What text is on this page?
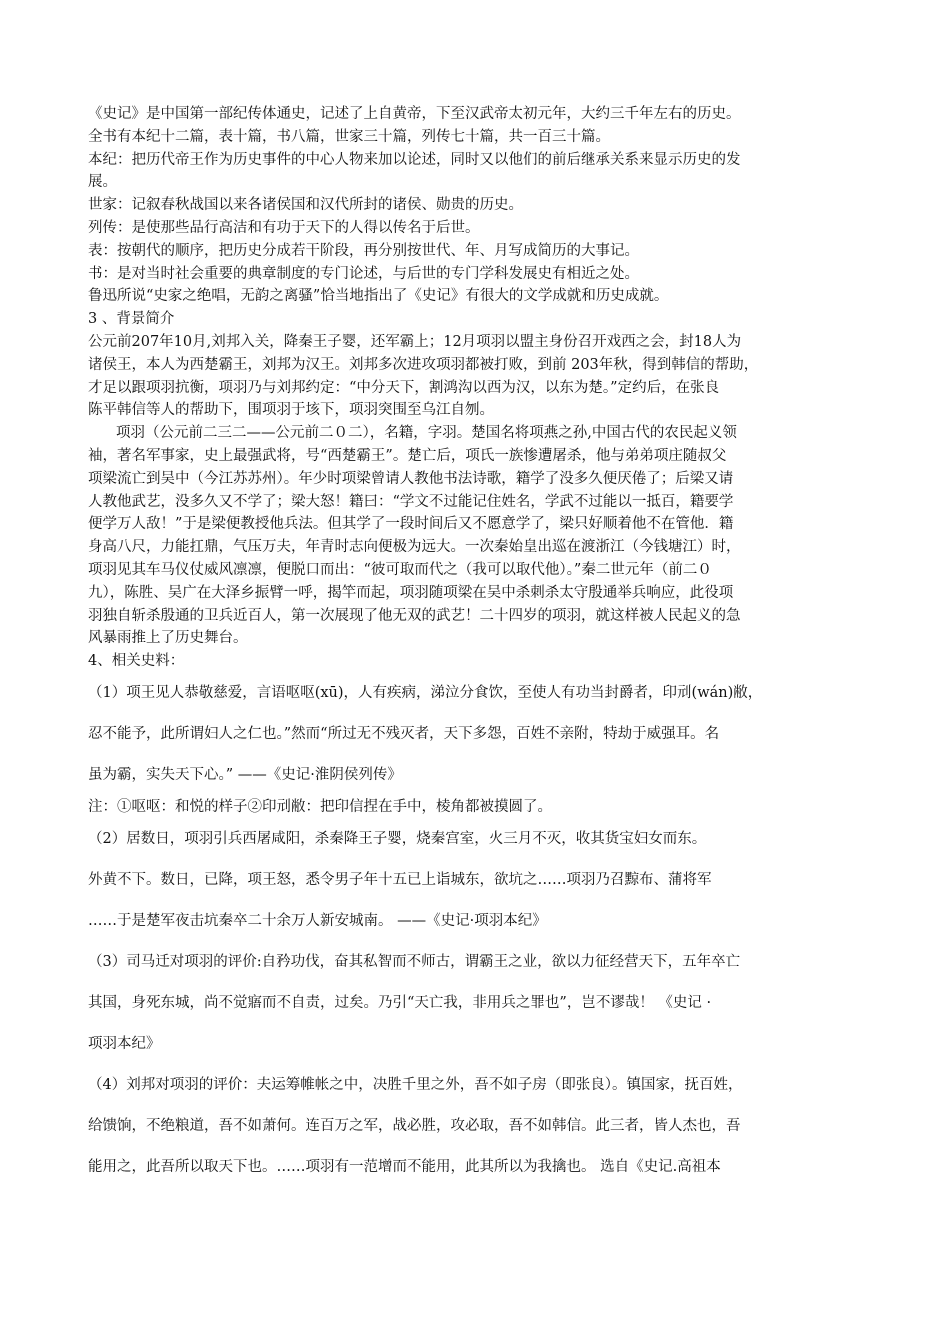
《史记》是中国第一部纪传体通史，记述了上自黄帝，下至汉武帝太初元年，大约三千年左右的历史。
全书有本纪十二篇，表十篇，书八篇，世家三十篇，列传七十篇，共一百三十篇。
本纪：把历代帝王作为历史事件的中心人物来加以论述，同时又以他们的前后继承关系来显示历史的发
展。
世家：记叙春秋战国以来各诸侯国和汉代所封的诸侯、勋贵的历史。
列传：是使那些品行高洁和有功于天下的人得以传名于后世。
表：按朝代的顺序，把历史分成若干阶段，再分别按世代、年、月写成简历的大事记。
书：是对当时社会重要的典章制度的专门论述，与后世的专门学科发展史有相近之处。
鲁迅所说“史家之绝唱，无韵之离骚”恰当地指出了《史记》有很大的文学成就和历史成就。
3 、背景简介
公元前207年10月,刘邦入关，降秦王子婴，还军霸上；12月项羽以盟主身份召开戏西之会，封18人为
诸侯王，本人为西楚霸王，刘邦为汉王。刘邦多次进攻项羽都被打败，到前 203年秋，得到韩信的帮助，
才足以跟项羽抗衡，项羽乃与刘邦约定：“中分天下，割鸿沟以西为汉，以东为楚。”定约后，在张良
陈平韩信等人的帮助下，围项羽于垓下，项羽突围至乌江自刎。
项羽（公元前二三二——公元前二０二），名籍，字羽。楚国名将项燕之孙,中国古代的农民起义领
袖，著名军事家，史上最强武将，号“西楚霸王”。楚亡后，项氏一族惨遭屠杀，他与弟弟项庄随叔父
项梁流亡到吴中（今江苏苏州）。年少时项梁曾请人教他书法诗歌，籍学了没多久便厌倦了；后梁又请
人教他武艺，没多久又不学了；梁大怒！籍曰：“学文不过能记住姓名，学武不过能以一抵百，籍要学
便学万人敌！”于是梁便教授他兵法。但其学了一段时间后又不愿意学了，梁只好顺着他不在管他．籍
身高八尺，力能扛鼎，气压万夫，年青时志向便极为远大。一次秦始皇出巡在渡浙江（今钱塘江）时，
项羽见其车马仪仗威风凛凛，便脱口而出：“彼可取而代之（我可以取代他）。”秦二世元年（前二０
九），陈胜、吴广在大泽乡振臂一呼，揭竿而起，项羽随项梁在吴中杀刺杀太守殷通举兵响应，此役项
羽独自斩杀殷通的卫兵近百人，第一次展现了他无双的武艺！二十四岁的项羽，就这样被人民起义的急
风暴雨推上了历史舞台。
4、相关史料：
（1）项王见人恭敬慈爱，言语呕呕(xū)，人有疾病，涕泣分食饮，至使人有功当封爵者，印刓(wán)敝，
忍不能予，此所谓妇人之仁也。”然而“所过无不残灭者，天下多怨，百姓不亲附，特劫于威强耳。名
虽为霸，实失天下心。” ——《史记·淮阴侯列传》
注：①呕呕：和悦的样子②印刓敝：把印信捏在手中，棱角都被摸圆了。
（2）居数日，项羽引兵西屠咸阳，杀秦降王子婴，烧秦宫室，火三月不灭，收其货宝妇女而东。
外黄不下。数日，已降，项王怒，悉令男子年十五已上诣城东，欲坑之……项羽乃召黥布、蒲将军
……于是楚军夜击坑秦卒二十余万人新安城南。 ——《史记·项羽本纪》
（3）司马迁对项羽的评价:自矜功伐，奋其私智而不师古，谓霸王之业，欲以力征经营天下，五年卒亡
其国，身死东城，尚不觉寤而不自责，过矣。乃引“天亡我，非用兵之罪也”，岂不谬哉！ 《史记 ·
项羽本纪》
（4）刘邦对项羽的评价：夫运筹帷帐之中，决胜千里之外，吾不如子房（即张良）。镇国家，抚百姓，
给馈饷，不绝粮道，吾不如萧何。连百万之军，战必胜，攻必取，吾不如韩信。此三者，皆人杰也，吾
能用之，此吾所以取天下也。……项羽有一范增而不能用，此其所以为我擒也。 选自《史记.高祖本
